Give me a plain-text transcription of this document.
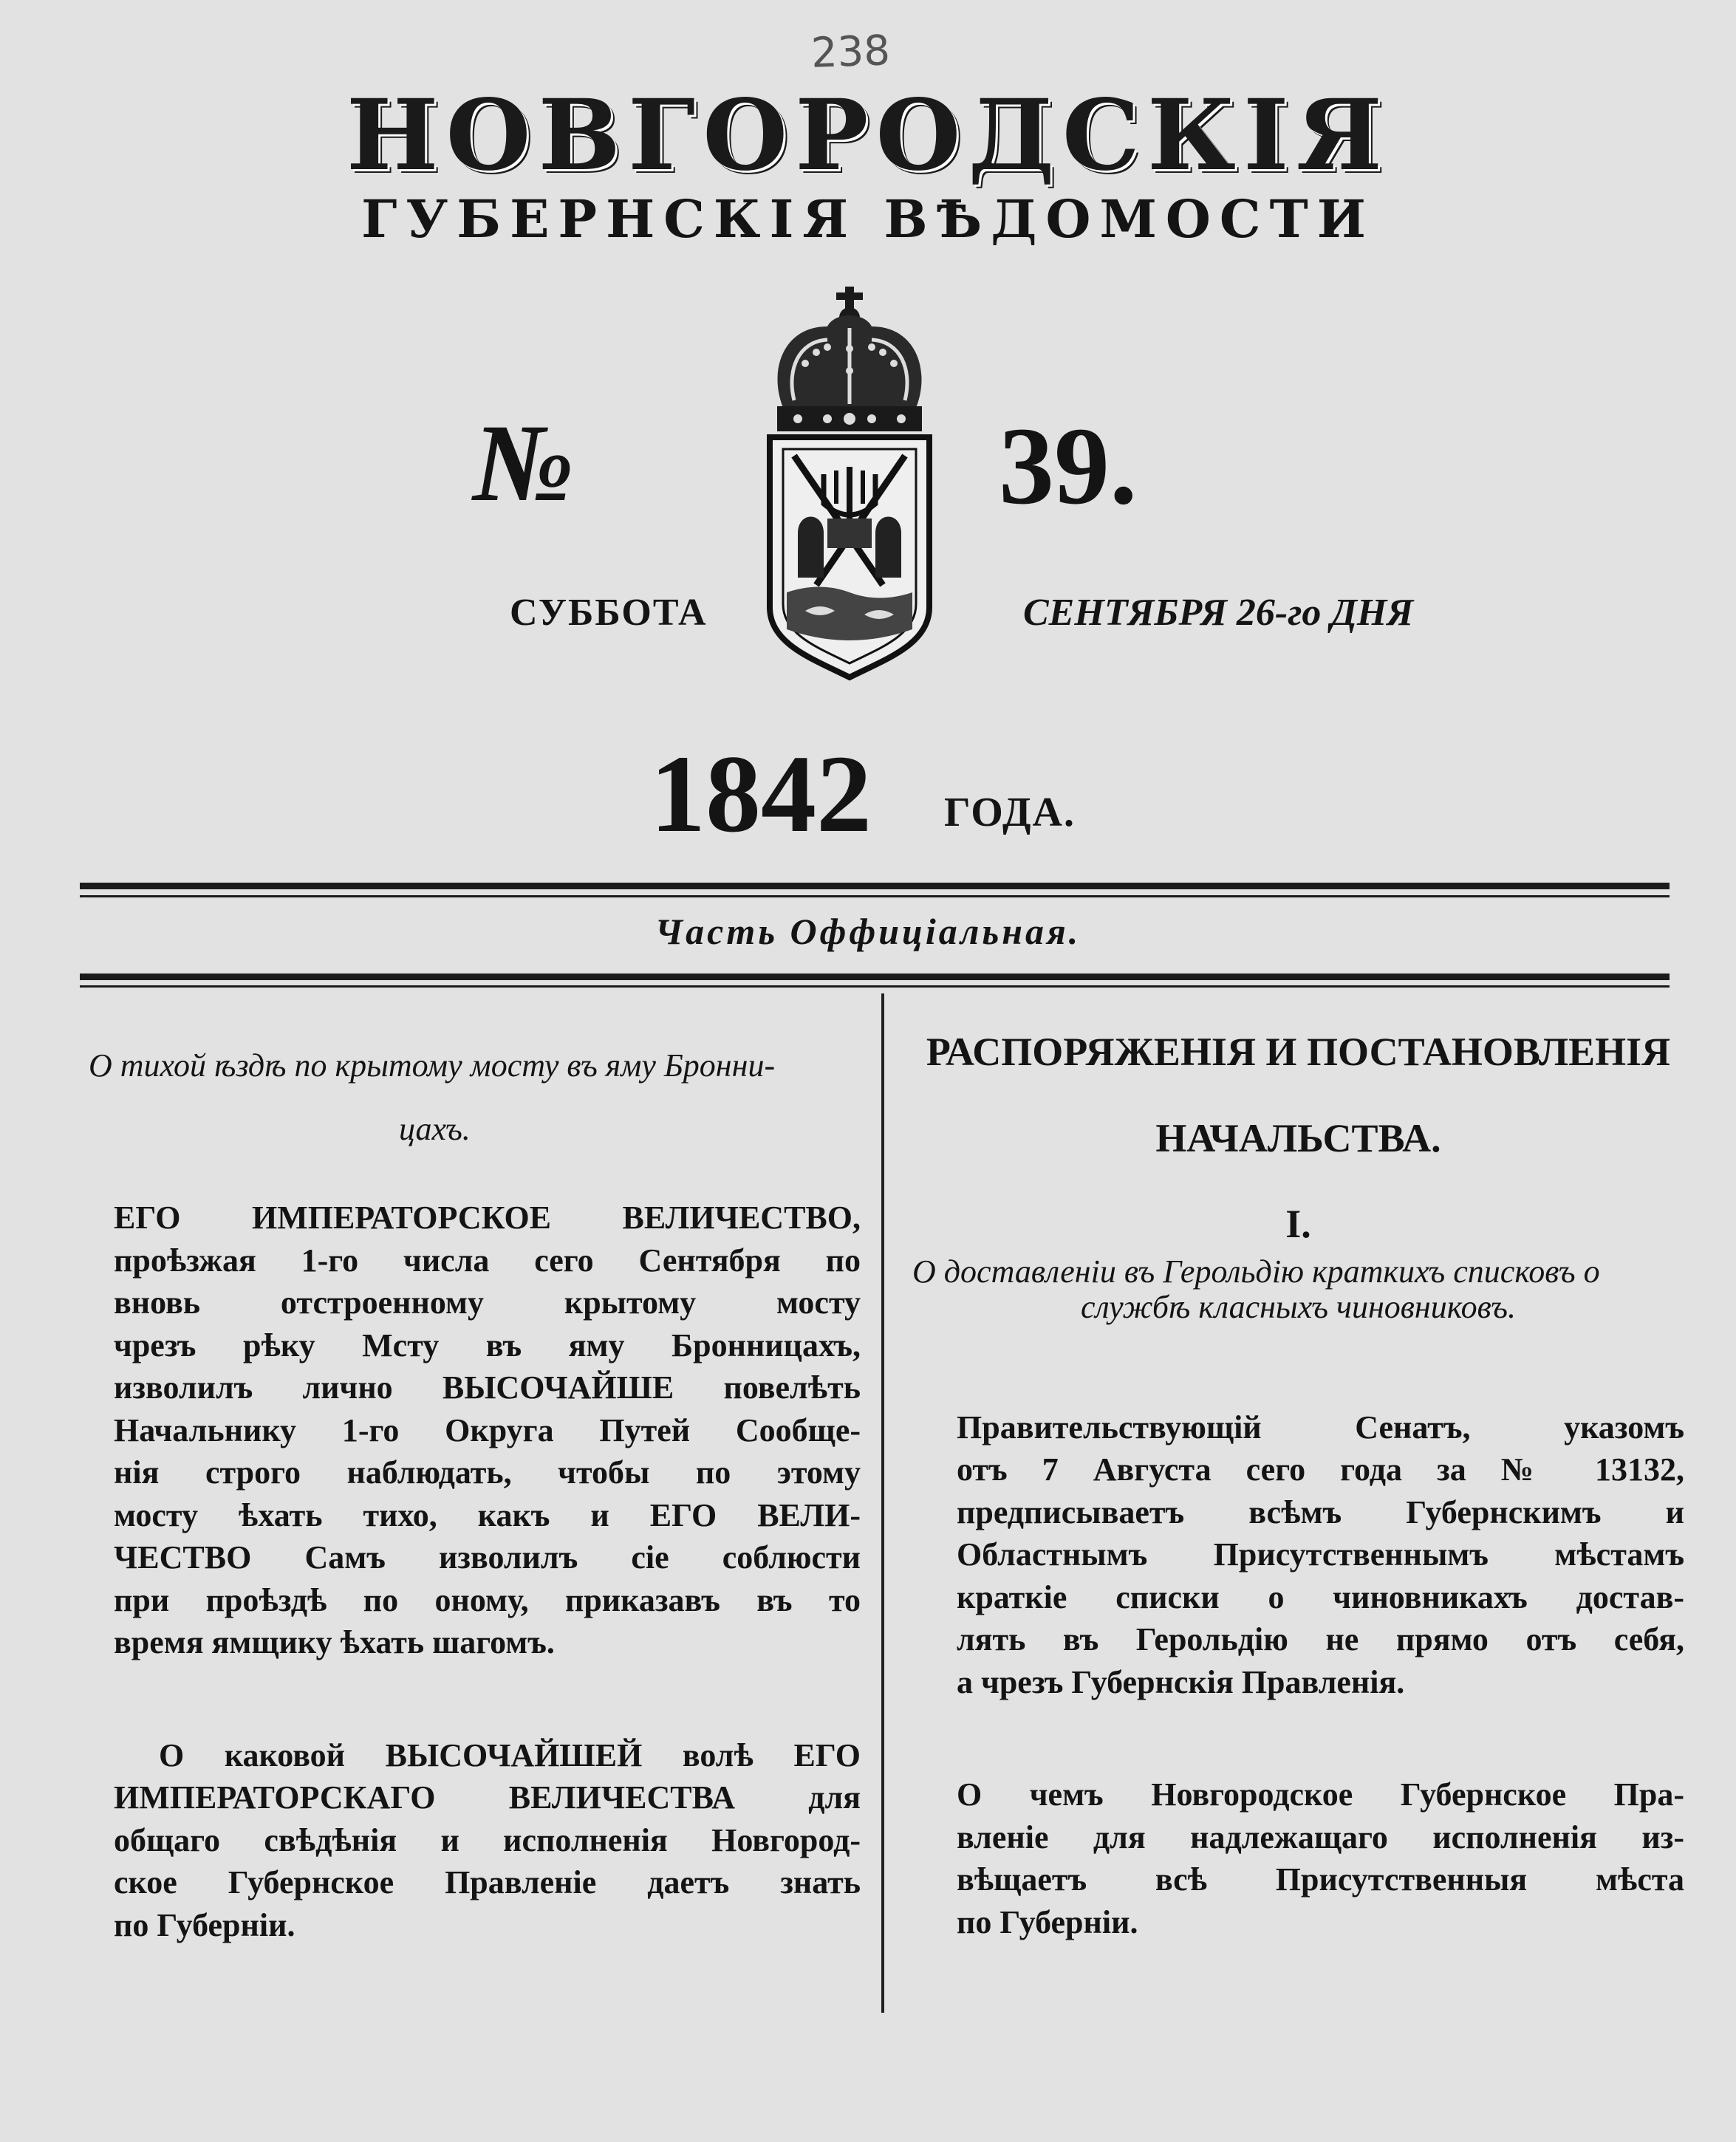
238
НОВГОРОДСКІЯ
ГУБЕРНСКІЯ ВѢДОМОСТИ
№	39.
СУББОТА	СЕНТЯБРЯ 26-го ДНЯ
1842 ГОДА.
Часть Оффиціальная.
О тихой ѣздѣ по крытому мосту въ яму Бронни-
цахъ.
ЕГО ИМПЕРАТОРСКОЕ ВЕЛИЧЕСТВО,
проѣзжая 1-го числа сего Сентября по
вновь отстроенному крытому мосту
чрезъ рѣку Мсту въ яму Бронницахъ,
изволилъ лично ВЫСОЧАЙШЕ повелѣть
Начальнику 1-го Округа Путей Сообще-
нія строго наблюдать, чтобы по этому
мосту ѣхать тихо, какъ и ЕГО ВЕЛИ-
ЧЕСТВО Самъ изволилъ сіе соблюсти
при проѣздѣ по оному, приказавъ въ то
время ямщику ѣхать шагомъ.
О каковой ВЫСОЧАЙШЕЙ волѣ ЕГО
ИМПЕРАТОРСКАГО ВЕЛИЧЕСТВА для
общаго свѣдѣнія и исполненія Новгород-
ское Губернское Правленіе даетъ знать
по Губерніи.
РАСПОРЯЖЕНІЯ И ПОСТАНОВЛЕНІЯ
НАЧАЛЬСТВА.
I.
О доставленіи въ Герольдію краткихъ списковъ о
службѣ класныхъ чиновниковъ.
Правительствующій Сенатъ, указомъ
отъ 7 Августа сего года за № 13132,
предписываетъ всѣмъ Губернскимъ и
Областнымъ Присутственнымъ мѣстамъ
краткіе списки о чиновникахъ достав-
лять въ Герольдію не прямо отъ себя,
а чрезъ Губернскія Правленія.
О чемъ Новгородское Губернское Пра-
вленіе для надлежащаго исполненія из-
вѣщаетъ всѣ Присутственныя мѣста
по Губерніи.
